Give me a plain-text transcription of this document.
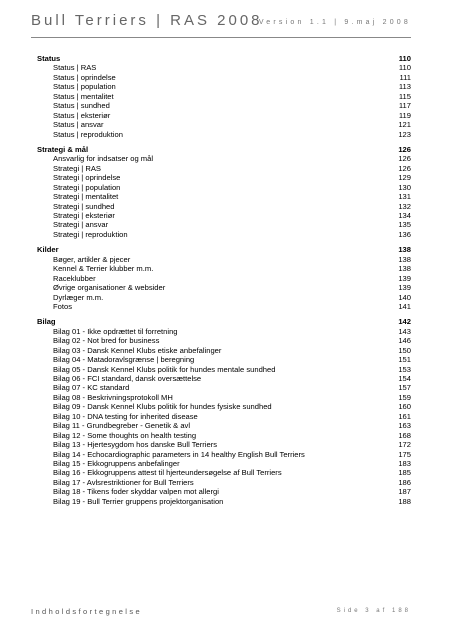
Bull Terriers | RAS 2008
Version 1.1 | 9.maj 2008
Status	110
Status | RAS	110
Status | oprindelse	111
Status | population	113
Status | mentalitet	115
Status | sundhed	117
Status | eksteriør	119
Status | ansvar	121
Status | reproduktion	123
Strategi & mål	126
Ansvarlig for indsatser og mål	126
Strategi | RAS	126
Strategi | oprindelse	129
Strategi | population	130
Strategi | mentalitet	131
Strategi | sundhed	132
Strategi | eksteriør	134
Strategi | ansvar	135
Strategi | reproduktion	136
Kilder	138
Bøger, artikler & pjecer	138
Kennel & Terrier klubber m.m.	138
Raceklubber	139
Øvrige organisationer & websider	139
Dyrlæger m.m.	140
Fotos	141
Bilag	142
Bilag 01 - Ikke opdrættet til forretning	143
Bilag 02 - Not bred for business	146
Bilag 03 - Dansk Kennel Klubs etiske anbefalinger	150
Bilag 04 - Matadoravlsgrænse | beregning	151
Bilag 05 - Dansk Kennel Klubs politik for hundes mentale sundhed	153
Bilag 06 - FCI standard, dansk oversættelse	154
Bilag 07 - KC standard	157
Bilag 08 - Beskrivningsprotokoll MH	159
Bilag 09 - Dansk Kennel Klubs politik for hundes fysiske sundhed	160
Bilag 10 - DNA testing for inherited disease	161
Bilag 11 - Grundbegreber - Genetik & avl	163
Bilag 12 - Some thoughts on health testing	168
Bilag 13 - Hjertesygdom hos danske Bull Terriers	172
Bilag 14 - Echocardiographic parameters in 14 healthy English Bull Terriers	175
Bilag 15 - Ekkogruppens anbefalinger	183
Bilag 16 - Ekkogruppens attest til hjerteundersøgelse af Bull Terriers	185
Bilag 17 - Avlsrestriktioner for Bull Terriers	186
Bilag 18 - Tikens foder skyddar valpen mot allergi	187
Bilag 19 - Bull Terrier gruppens projektorganisation	188
Indholdsfortegnelse	Side 3 af 188
